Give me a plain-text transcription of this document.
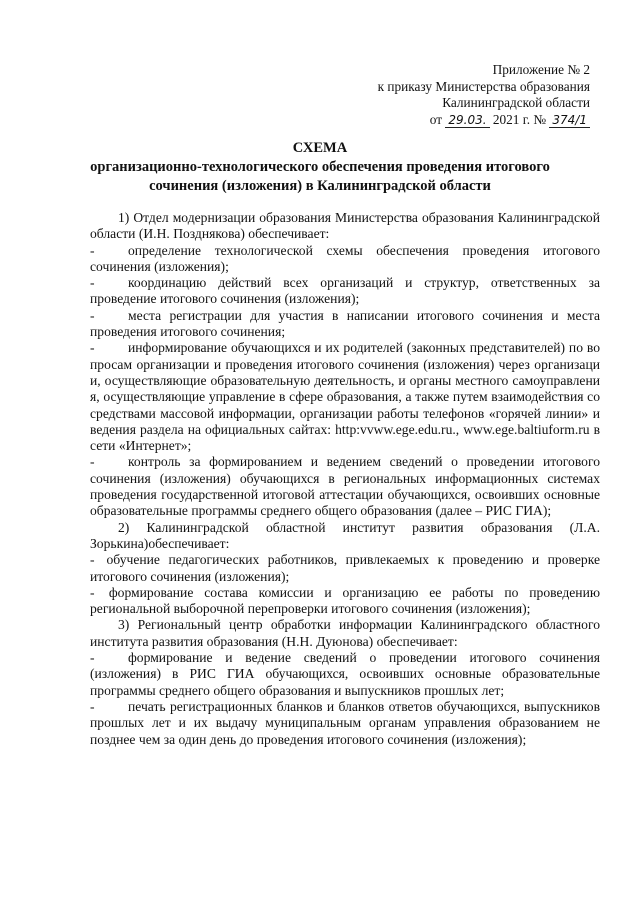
Приложение № 2
к приказу Министерства образования
Калининградской области
от 29.03. 2021 г. № 374/1
СХЕМА
организационно-технологического обеспечения проведения итогового сочинения (изложения) в Калининградской области

1) Отдел модернизации образования Министерства образования Калининградской области (И.Н. Позднякова) обеспечивает:

- определение технологической схемы обеспечения проведения итогового сочинения (изложения);

- координацию действий всех организаций и структур, ответственных за проведение итогового сочинения (изложения);

- места регистрации для участия в написании итогового сочинения и места проведения итогового сочинения;

- информирование обучающихся и их родителей (законных представителей) по вопросам организации и проведения итогового сочинения (изложения) через организации, осуществляющие образовательную деятельность, и органы местного самоуправления, осуществляющие управление в сфере образования, а также путем взаимодействия со средствами массовой информации, организации работы телефонов «горячей линии» и ведения раздела на официальных сайтах: http:vvww.ege.edu.ru., www.ege.baltiuform.ru в сети «Интернет»;

- контроль за формированием и ведением сведений о проведении итогового сочинения (изложения) обучающихся в региональных информационных системах проведения государственной итоговой аттестации обучающихся, освоивших основные образовательные программы среднего общего образования (далее – РИС ГИА);

2) Калининградской областной институт развития образования (Л.А. Зорькина)обеспечивает:

- обучение педагогических работников, привлекаемых к проведению и проверке итогового сочинения (изложения);

- формирование состава комиссии и организацию ее работы по проведению региональной выборочной перепроверки итогового сочинения (изложения);

3) Региональный центр обработки информации Калининградского областного института развития образования (Н.Н. Дуюнова) обеспечивает:

- формирование и ведение сведений о проведении итогового сочинения (изложения) в РИС ГИА обучающихся, освоивших основные образовательные программы среднего общего образования и выпускников прошлых лет;

- печать регистрационных бланков и бланков ответов обучающихся, выпускников прошлых лет и их выдачу муниципальным органам управления образованием не позднее чем за один день до проведения итогового сочинения (изложения);
